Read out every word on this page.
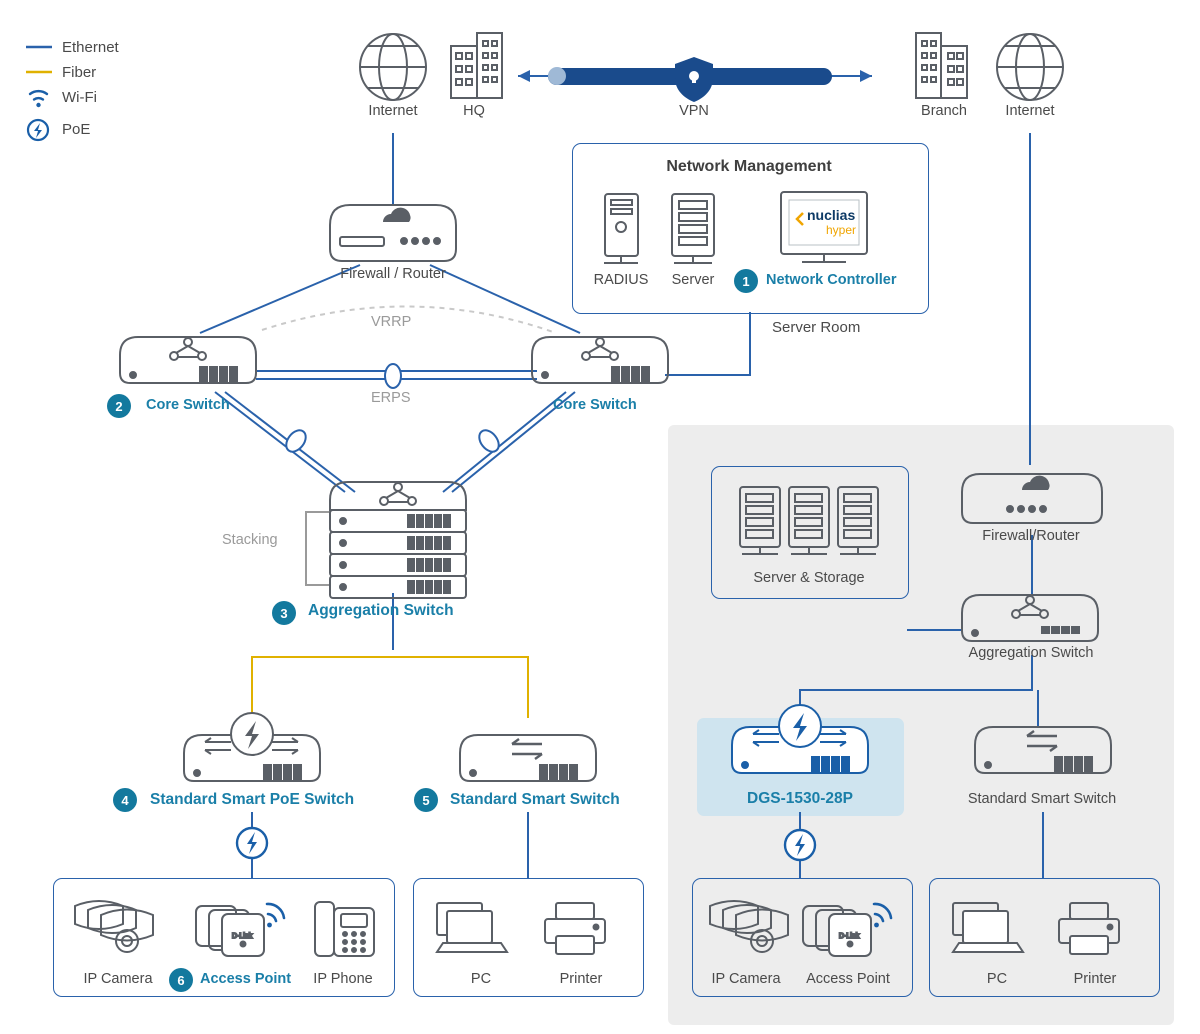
Ethernet
Fiber
Wi-Fi
PoE
Internet	HQ	VPN	Branch	Internet
Network Management
nuclias
hyper
RADIUS Server	1	Network Controller
Server Room
Firewall / Router
2	Core Switch	Core Switch
VRRP
ERPS
Stacking
3	Aggregation Switch
4	Standard Smart PoE Switch	5	Standard Smart Switch
D-Link
IP Camera	6	Access Point IP Phone	PC	Printer
D-Link
Server & Storage
Firewall/Router
Aggregation Switch
DGS-1530-28P	Standard Smart Switch
IP Camera Access Point	PC	Printer
